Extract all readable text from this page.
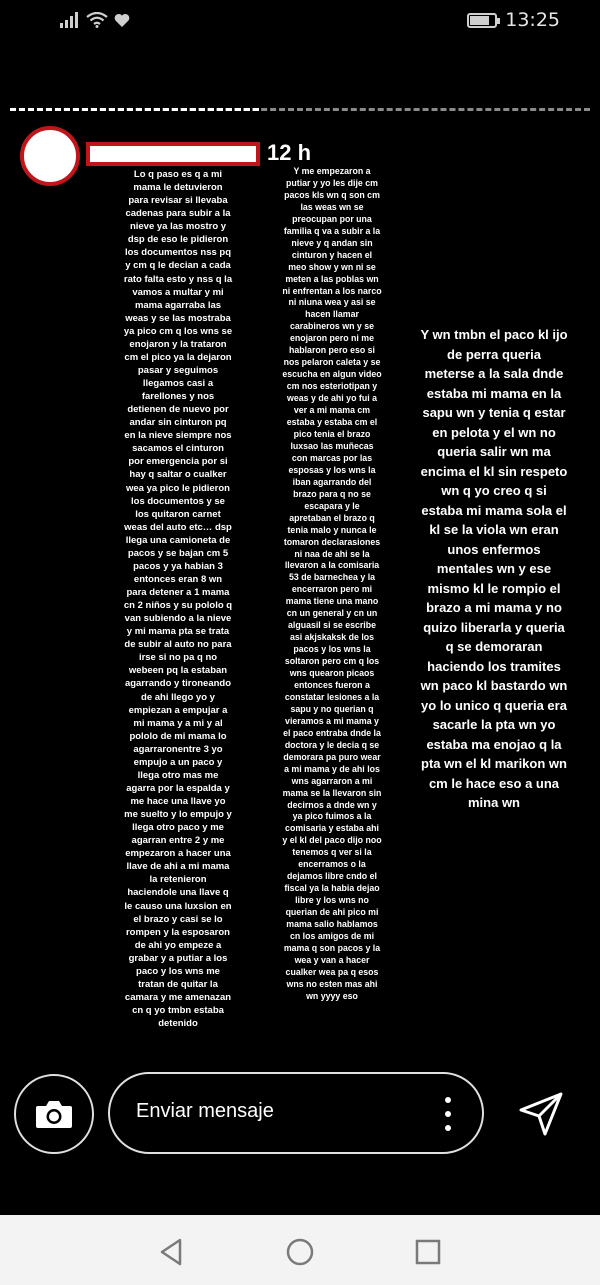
13:25
12 h
Lo q paso es q a mi
mama le detuvieron
para revisar si llevaba
cadenas para subir a la
nieve ya las mostro y
dsp de eso le pidieron
los documentos nss pq
y cm q le decian a cada
rato falta esto y nss q la
vamos a multar y mi
mama agarraba las
weas y se las mostraba
ya pico cm q los wns se
enojaron y la trataron
cm el pico ya la dejaron
pasar y seguimos
llegamos casi a
farellones y nos
detienen de nuevo por
andar sin cinturon pq
en la nieve siempre nos
sacamos el cinturon
por emergencia por si
hay q saltar o cualker
wea ya pico le pidieron
los documentos y se
los quitaron carnet
weas del auto etc… dsp
llega una camioneta de
pacos y se bajan cm 5
pacos y ya habian 3
entonces eran 8 wn
para detener a 1 mama
cn 2 niños y su pololo q
van subiendo a la nieve
y mi mama pta se trata
de subir al auto no para
irse si no pa q no
webeen pq la estaban
agarrando y tironeando
de ahi llego yo y
empiezan a empujar a
mi mama y a mi y al
pololo de mi mama lo
agarraronentre 3 yo
empujo a un paco y
llega otro mas me
agarra por la espalda y
me hace una llave yo
me suelto y lo empujo y
llega otro paco y me
agarran entre 2 y me
empezaron a hacer una
llave de ahi a mi mama
la retenieron
haciendole una llave q
le causo una luxsion en
el brazo y casi se lo
rompen y la esposaron
de ahi yo empeze a
grabar y a putiar a los
paco y los wns me
tratan de quitar la
camara y me amenazan
cn q yo tmbn estaba
detenido
Y me empezaron a
putiar y yo les dije cm
pacos kls wn q son cm
las weas wn se
preocupan por una
familia q va a subir a la
nieve y q andan sin
cinturon y hacen el
meo show y wn ni se
meten a las poblas wn
ni enfrentan a los narco
ni niuna wea y asi se
hacen llamar
carabineros wn y se
enojaron pero ni me
hablaron pero eso si
nos pelaron caleta y se
escucha en algun video
cm nos esteriotipan y
weas y de ahi yo fui a
ver a mi mama cm
estaba y estaba cm el
pico tenia el brazo
luxsao las muñecas
con marcas por las
esposas y los wns la
iban agarrando del
brazo para q no se
escapara y le
apretaban el brazo q
tenia malo y nunca le
tomaron declarasiones
ni naa de ahi se la
llevaron a la comisaria
53 de barnechea y la
encerraron pero mi
mama tiene una mano
cn un general y cn un
alguasil si se escribe
asi akjskaksk de los
pacos y los wns la
soltaron pero cm q los
wns quearon picaos
entonces fueron a
constatar lesiones a la
sapu y no querian q
vieramos a mi mama y
el paco entraba dnde la
doctora y le decia q se
demorara pa puro wear
a mi mama y de ahi los
wns agarraron a mi
mama se la llevaron sin
decirnos a dnde wn y
ya pico fuimos a la
comisaria y estaba ahi
y el kl del paco dijo noo
tenemos q ver si la
encerramos o la
dejamos libre cndo el
fiscal ya la habia dejao
libre y los wns no
querian de ahi pico mi
mama salio hablamos
cn los amigos de mi
mama q son pacos y la
wea y van a hacer
cualker wea pa q esos
wns no esten mas ahi
wn yyyy eso
Y wn tmbn el paco kl ijo
de perra queria
meterse a la sala dnde
estaba mi mama en la
sapu wn y tenia q estar
en pelota y el wn no
queria salir wn ma
encima el kl sin respeto
wn q yo creo q si
estaba mi mama sola el
kl se la viola wn eran
unos enfermos
mentales wn y ese
mismo kl le rompio el
brazo a mi mama y no
quizo liberarla y queria
q se demoraran
haciendo los tramites
wn paco kl bastardo wn
yo lo unico q queria era
sacarle la pta wn yo
estaba ma enojao q la
pta wn el kl marikon wn
cm le hace eso a una
mina wn
Enviar mensaje
